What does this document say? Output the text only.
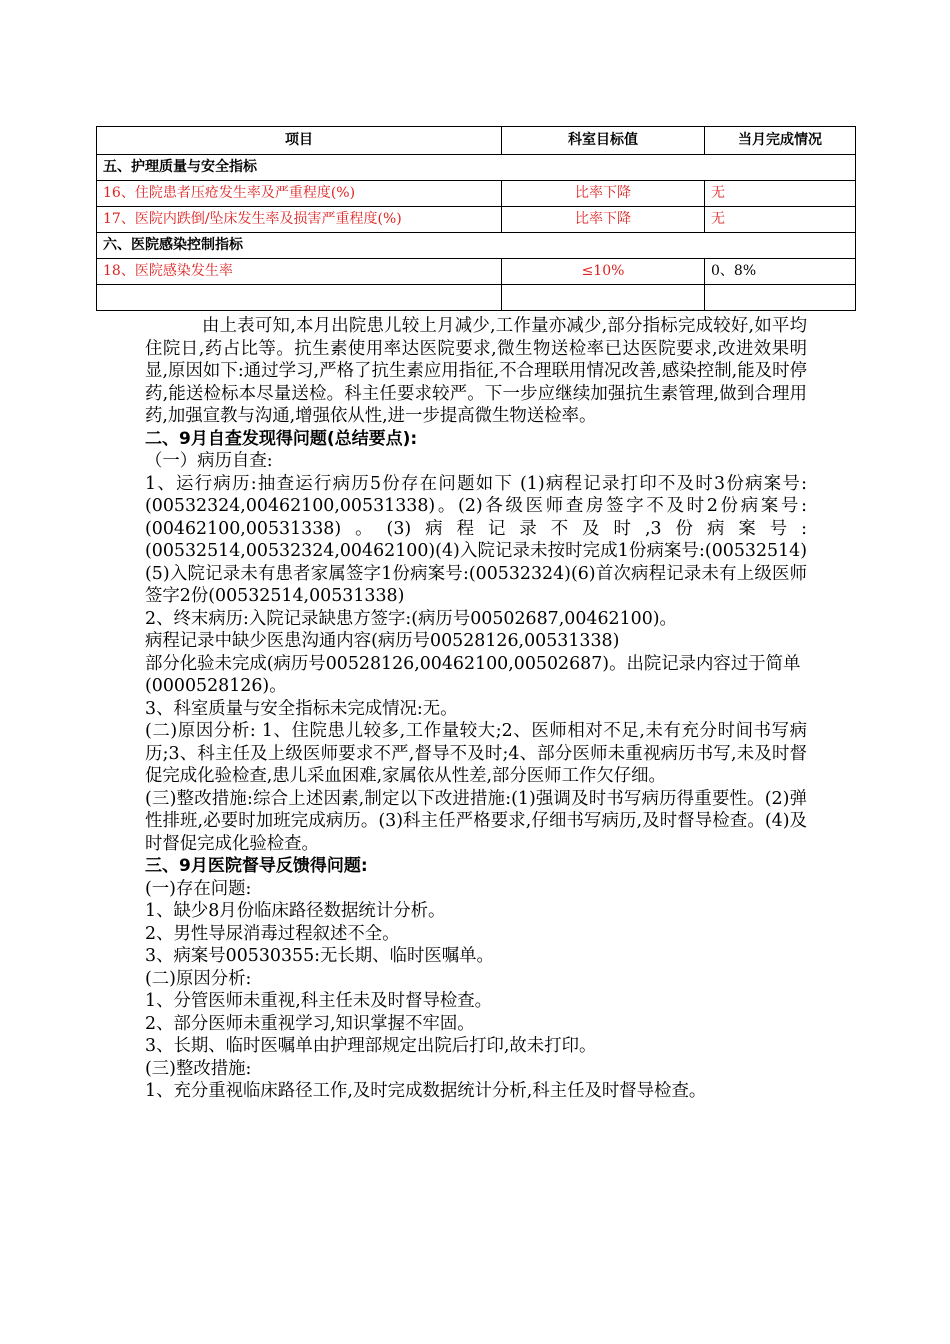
项目	科室目标值	当月完成情况
五、护理质量与安全指标		
16、住院患者压疮发生率及严重程度(%)	比率下降	无
17、医院内跌倒/坠床发生率及损害严重程度(%)	比率下降	无
六、医院感染控制指标		
18、医院感染发生率	≤10%	0、8%

由上表可知,本月出院患儿较上月减少,工作量亦减少,部分指标完成较好,如平均住院日,药占比等。抗生素使用率达医院要求,微生物送检率已达医院要求,改进效果明显,原因如下:通过学习,严格了抗生素应用指征,不合理联用情况改善,感染控制,能及时停药,能送检标本尽量送检。科主任要求较严。下一步应继续加强抗生素管理,做到合理用药,加强宣教与沟通,增强依从性,进一步提高微生物送检率。

二、9月自查发现得问题(总结要点):

（一）病历自查:

1、运行病历:抽查运行病历5份存在问题如下 (1)病程记录打印不及时3份病案号:(00532324,00462100,00531338)。(2)各级医师查房签字不及时2份病案号:(00462100,00531338)。(3)病程记录不及时,3份病案号:(00532514,00532324,00462100)(4)入院记录未按时完成1份病案号:(00532514) (5)入院记录未有患者家属签字1份病案号:(00532324)(6)首次病程记录未有上级医师签字2份(00532514,00531338)

2、终末病历:入院记录缺患方签字:(病历号00502687,00462100)。

病程记录中缺少医患沟通内容(病历号00528126,00531338)

部分化验未完成(病历号00528126,00462100,00502687)。出院记录内容过于简单(0000528126)。

3、科室质量与安全指标未完成情况:无。

(二)原因分析: 1、住院患儿较多,工作量较大;2、医师相对不足,未有充分时间书写病历;3、科主任及上级医师要求不严,督导不及时;4、部分医师未重视病历书写,未及时督促完成化验检查,患儿采血困难,家属依从性差,部分医师工作欠仔细。

(三)整改措施:综合上述因素,制定以下改进措施:(1)强调及时书写病历得重要性。(2)弹性排班,必要时加班完成病历。(3)科主任严格要求,仔细书写病历,及时督导检查。(4)及时督促完成化验检查。

三、9月医院督导反馈得问题:

(一)存在问题:

1、缺少8月份临床路径数据统计分析。

2、男性导尿消毒过程叙述不全。

3、病案号00530355:无长期、临时医嘱单。

(二)原因分析:

1、分管医师未重视,科主任未及时督导检查。

2、部分医师未重视学习,知识掌握不牢固。

3、长期、临时医嘱单由护理部规定出院后打印,故未打印。

(三)整改措施:

1、充分重视临床路径工作,及时完成数据统计分析,科主任及时督导检查。
